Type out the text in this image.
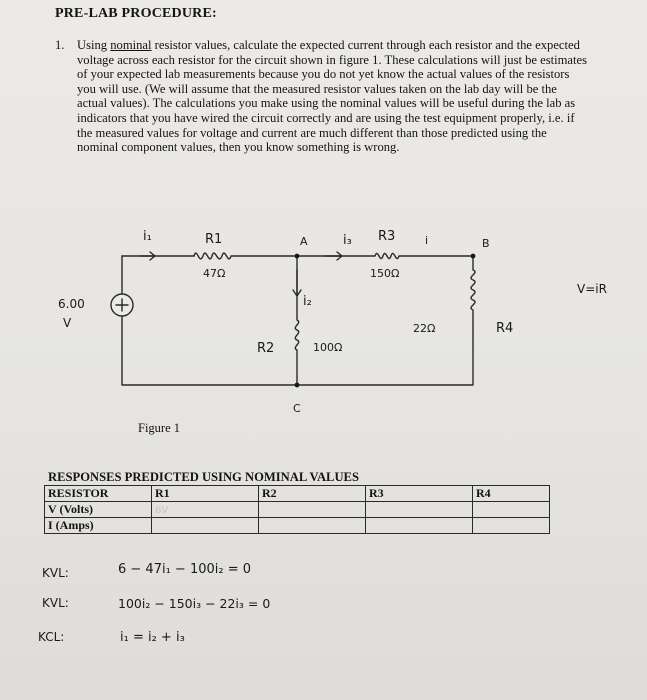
PRE-LAB PROCEDURE:
1. Using nominal resistor values, calculate the expected current through each resistor and the expected voltage across each resistor for the circuit shown in figure 1. These calculations will just be estimates of your expected lab measurements because you do not yet know the actual values of the resistors you will use. (We will assume that the measured resistor values taken on the lab day will be the actual values). The calculations you make using the nominal values will be useful during the lab as indicators that you have wired the circuit correctly and are using the test equipment properly, i.e. if the measured values for voltage and current are much different than those predicted using the nominal component values, then you know something is wrong.
i₁	R1
47Ω
A	i₃ R3	i	B
150Ω
i₂
V=iR
6.00
V
R2	100Ω
22Ω	R4
C
KVL:	6 − 47i₁ − 100i₂ = 0
KVL:	100i₂ − 150i₃ − 22i₃ = 0
KCL:	i₁ = i₂ + i₃
Figure 1
RESPONSES PREDICTED USING NOMINAL VALUES
RESISTOR	R1	R2	R3	R4
V (Volts)	6V			
I (Amps)				
